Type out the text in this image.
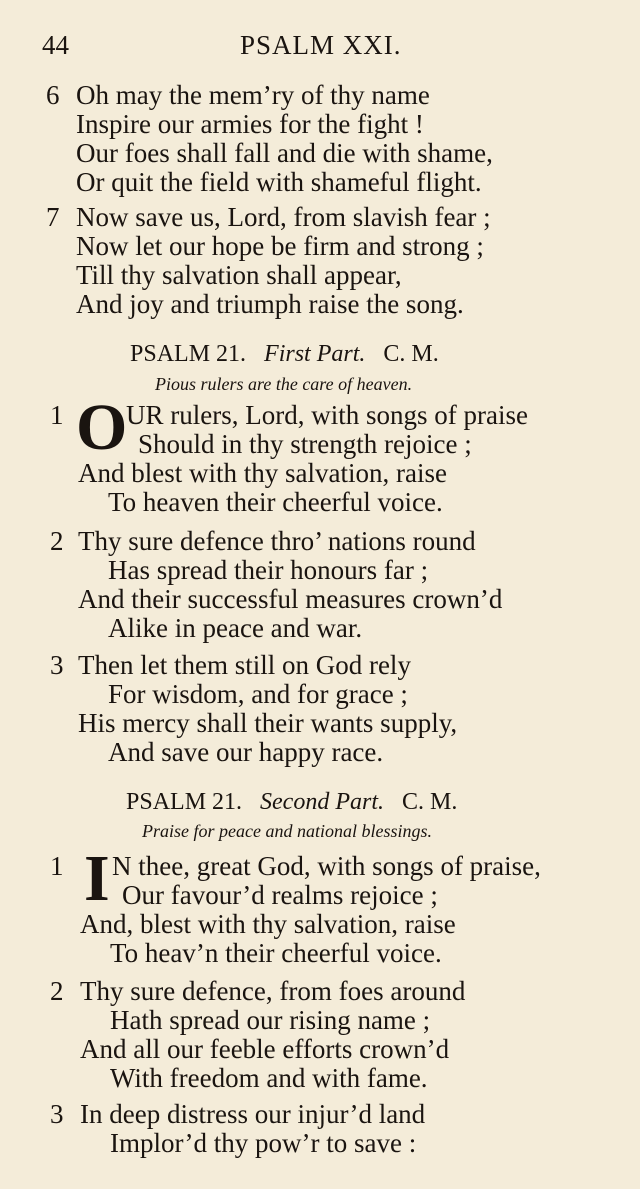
44	PSALM XXI.
6 Oh may the mem’ry of thy name
Inspire our armies for the fight !
Our foes shall fall and die with shame,
Or quit the field with shameful flight.
7 Now save us, Lord, from slavish fear ;
Now let our hope be firm and strong ;
Till thy salvation shall appear,
And joy and triumph raise the song.
PSALM 21. First Part. C. M.
Pious rulers are the care of heaven.
1 O
UR rulers, Lord, with songs of praise
Should in thy strength rejoice ;
And blest with thy salvation, raise
To heaven their cheerful voice.
2 Thy sure defence thro’ nations round
Has spread their honours far ;
And their successful measures crown’d
Alike in peace and war.
3 Then let them still on God rely
For wisdom, and for grace ;
His mercy shall their wants supply,
And save our happy race.
PSALM 21. Second Part. C. M.
Praise for peace and national blessings.
1 I N thee, great God, with songs of praise,
Our favour’d realms rejoice ;
And, blest with thy salvation, raise
To heav’n their cheerful voice.
2 Thy sure defence, from foes around
Hath spread our rising name ;
And all our feeble efforts crown’d
With freedom and with fame.
3 In deep distress our injur’d land
Implor’d thy pow’r to save :
